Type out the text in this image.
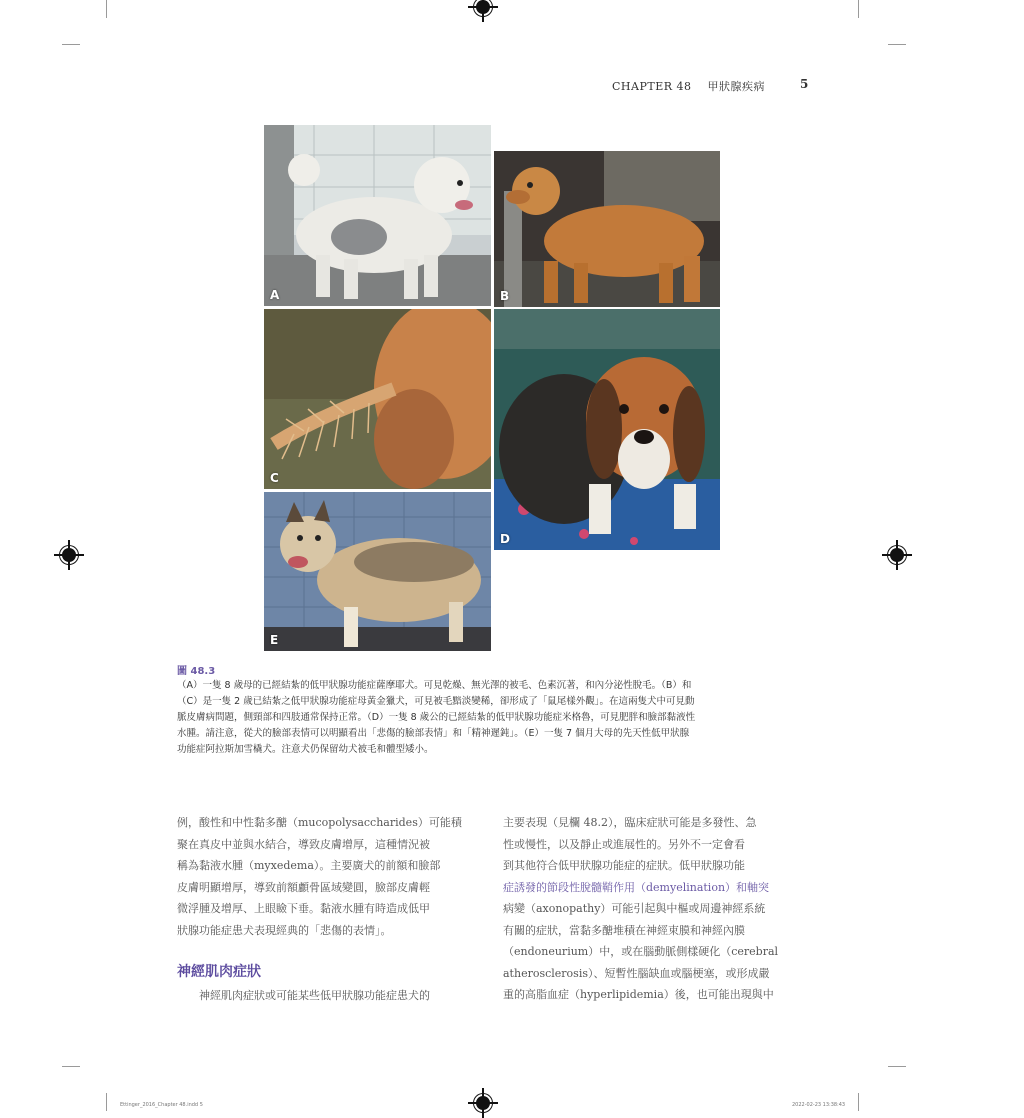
CHAPTER 48 甲狀腺疾病	5
A	B
C
D
E
圖 48.3
（A）一隻 8 歲母的已經結紮的低甲狀腺功能症薩摩耶犬。可見乾燥、無光澤的被毛、色素沉著，和內分泌性脫毛。（B）和
（C）是一隻 2 歲已結紮之低甲狀腺功能症母黃金獵犬，可見被毛黯淡變稀，卻形成了「鼠尾樣外觀」。在這兩隻犬中可見動
脈皮膚病問題，側頸部和四肢通常保持正常。（D）一隻 8 歲公的已經結紮的低甲狀腺功能症米格魯，可見肥胖和臉部黏液性
水腫。請注意，從犬的臉部表情可以明顯看出「悲傷的臉部表情」和「精神遲鈍」。（E）一隻 7 個月大母的先天性低甲狀腺
功能症阿拉斯加雪橇犬。注意犬仍保留幼犬被毛和體型矮小。
例，酸性和中性黏多醣（mucopolysaccharides）可能積
聚在真皮中並與水結合，導致皮膚增厚，這種情況被
稱為黏液水腫（myxedema）。主要廣犬的前額和臉部
皮膚明顯增厚，導致前額顱骨區域變圓，臉部皮膚輕
微浮腫及增厚、上眼瞼下垂。黏液水腫有時造成低甲
狀腺功能症患犬表現經典的「悲傷的表情」。
神經肌肉症狀
神經肌肉症狀或可能某些低甲狀腺功能症患犬的
主要表現（見欄 48.2），臨床症狀可能是多發性、急
性或慢性，以及靜止或進展性的。另外不一定會看
到其他符合低甲狀腺功能症的症狀。低甲狀腺功能
症誘發的節段性脫髓鞘作用（demyelination）和軸突
病變（axonopathy）可能引起與中樞或周邊神經系統
有關的症狀，當黏多醣堆積在神經束膜和神經內膜
（endoneurium）中，或在腦動脈側樣硬化（cerebral
atherosclerosis）、短暫性腦缺血或腦梗塞，或形成嚴
重的高脂血症（hyperlipidemia）後，也可能出現與中
Ettinger_2016_Chapter 48.indd 5	2022-02-23 13:38:43
